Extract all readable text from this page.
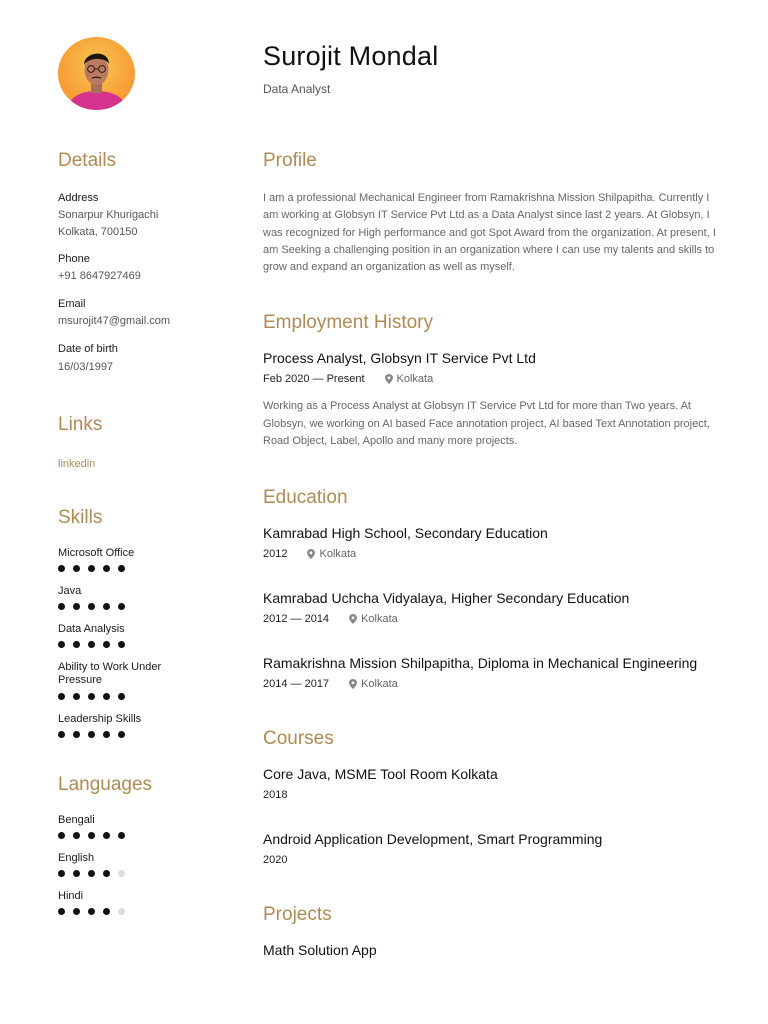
Surojit Mondal
Data Analyst
Details
Address
Sonarpur Khurigachi
Kolkata, 700150
Phone
+91 8647927469
Email
msurojit47@gmail.com
Date of birth
16/03/1997
Links
linkedin
Skills
Microsoft Office
Java
Data Analysis
Ability to Work Under Pressure
Leadership Skills
Languages
Bengali
English
Hindi
Profile

I am a professional Mechanical Engineer from Ramakrishna Mission Shilpapitha. Currently I am working at Globsyn IT Service Pvt Ltd as a Data Analyst since last 2 years. At Globsyn, I was recognized for High performance and got Spot Award from the organization. At present, I am Seeking a challenging position in an organization where I can use my talents and skills to grow and expand an organization as well as myself.

Employment History
Process Analyst, Globsyn IT Service Pvt Ltd
Feb 2020 — Present	Kolkata

Working as a Process Analyst at Globsyn IT Service Pvt Ltd for more than Two years. At Globsyn, we working on AI based Face annotation project, AI based Text Annotation project, Road Object, Label, Apollo and many more projects.

Education
Kamrabad High School, Secondary Education
2012	Kolkata
Kamrabad Uchcha Vidyalaya, Higher Secondary Education
2012 — 2014	Kolkata
Ramakrishna Mission Shilpapitha, Diploma in Mechanical Engineering
2014 — 2017	Kolkata
Courses
Core Java, MSME Tool Room Kolkata
2018
Android Application Development, Smart Programming
2020
Projects
Math Solution App
